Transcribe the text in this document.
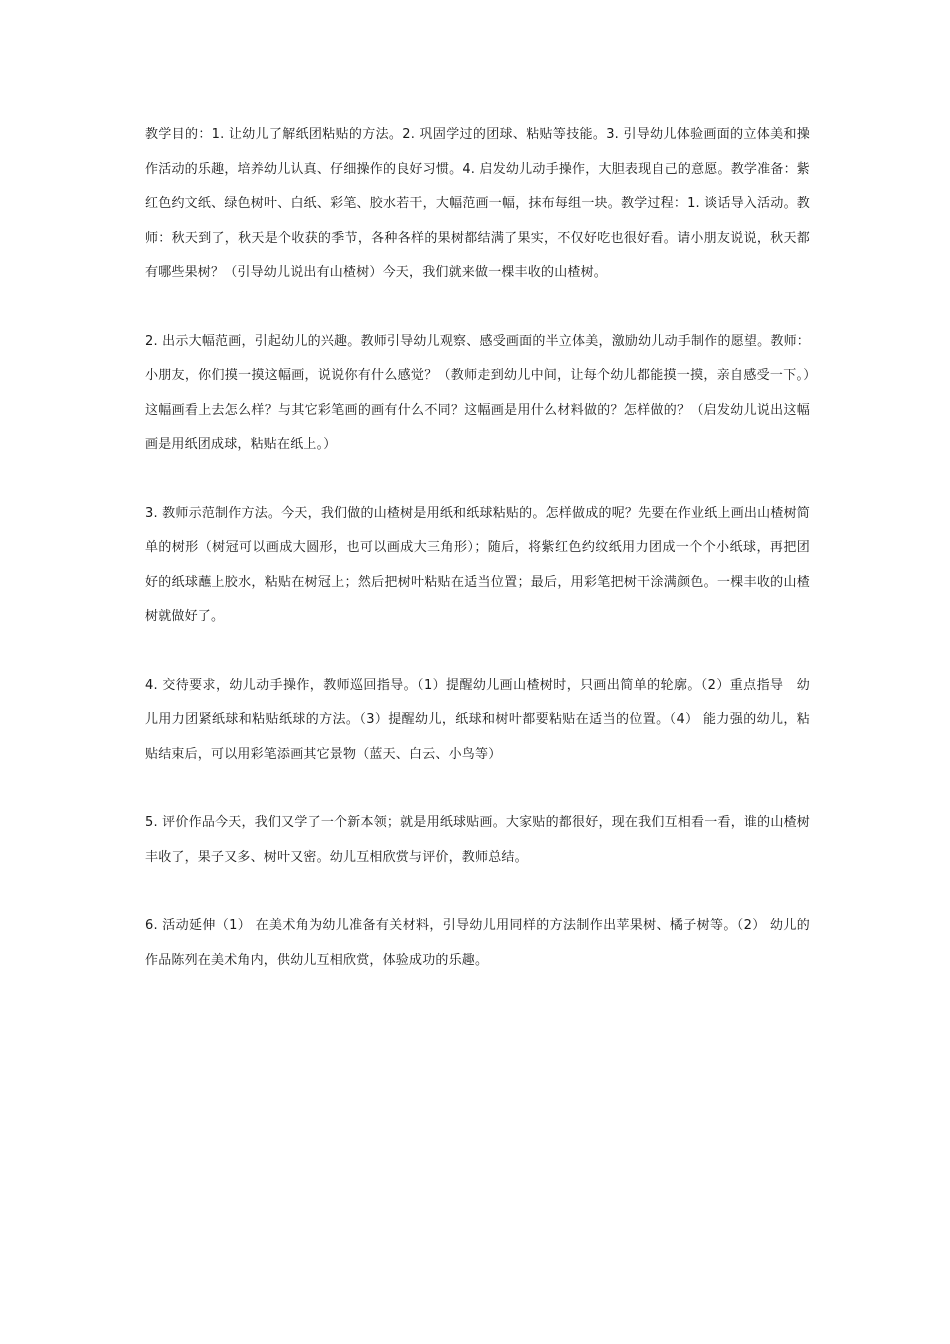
教学目的：1. 让幼儿了解纸团粘贴的方法。2. 巩固学过的团球、粘贴等技能。3. 引导幼儿体验画面的立体美和操作活动的乐趣，培养幼儿认真、仔细操作的良好习惯。4. 启发幼儿动手操作，大胆表现自己的意愿。教学准备：紫红色约文纸、绿色树叶、白纸、彩笔、胶水若干，大幅范画一幅，抹布每组一块。教学过程：1. 谈话导入活动。教师：秋天到了，秋天是个收获的季节，各种各样的果树都结满了果实，不仅好吃也很好看。请小朋友说说，秋天都有哪些果树？（引导幼儿说出有山楂树）今天，我们就来做一棵丰收的山楂树。

2. 出示大幅范画，引起幼儿的兴趣。教师引导幼儿观察、感受画面的半立体美，激励幼儿动手制作的愿望。教师：小朋友，你们摸一摸这幅画，说说你有什么感觉？（教师走到幼儿中间，让每个幼儿都能摸一摸，亲自感受一下。）这幅画看上去怎么样？与其它彩笔画的画有什么不同？这幅画是用什么材料做的？怎样做的？（启发幼儿说出这幅画是用纸团成球，粘贴在纸上。）

3. 教师示范制作方法。今天，我们做的山楂树是用纸和纸球粘贴的。怎样做成的呢？先要在作业纸上画出山楂树简单的树形（树冠可以画成大圆形，也可以画成大三角形）；随后，将紫红色约纹纸用力团成一个个小纸球，再把团好的纸球蘸上胶水，粘贴在树冠上；然后把树叶粘贴在适当位置；最后，用彩笔把树干涂满颜色。一棵丰收的山楂树就做好了。

4. 交待要求，幼儿动手操作，教师巡回指导。（1）提醒幼儿画山楂树时，只画出简单的轮廓。（2）重点指导　幼儿用力团紧纸球和粘贴纸球的方法。（3）提醒幼儿，纸球和树叶都要粘贴在适当的位置。（4） 能力强的幼儿，粘贴结束后，可以用彩笔添画其它景物（蓝天、白云、小鸟等）

5. 评价作品今天，我们又学了一个新本领；就是用纸球贴画。大家贴的都很好，现在我们互相看一看，谁的山楂树丰收了，果子又多、树叶又密。幼儿互相欣赏与评价，教师总结。

6. 活动延伸（1） 在美术角为幼儿准备有关材料，引导幼儿用同样的方法制作出苹果树、橘子树等。（2） 幼儿的作品陈列在美术角内，供幼儿互相欣赏，体验成功的乐趣。
